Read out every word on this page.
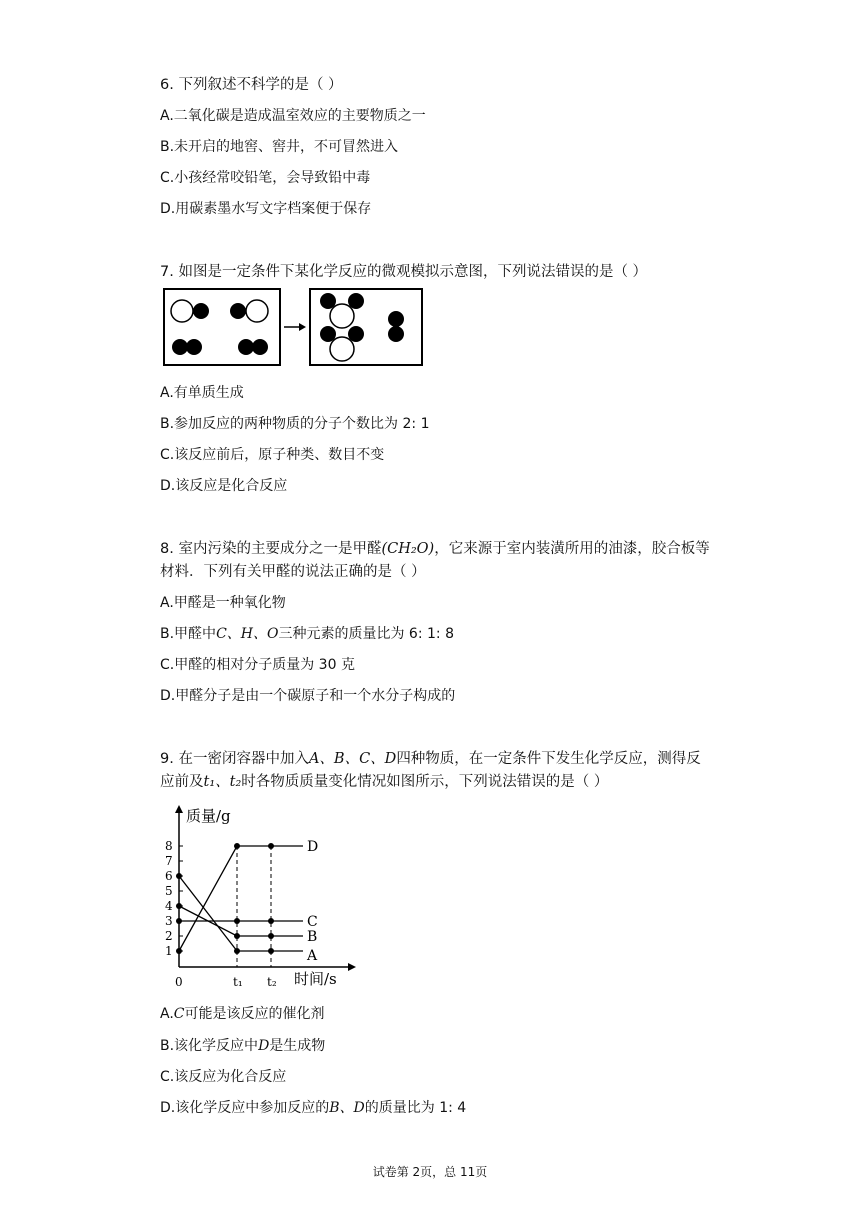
6. 下列叙述不科学的是（ ）
A.二氧化碳是造成温室效应的主要物质之一
B.未开启的地窖、窖井，不可冒然进入
C.小孩经常咬铅笔，会导致铅中毒
D.用碳素墨水写文字档案便于保存
7. 如图是一定条件下某化学反应的微观模拟示意图，下列说法错误的是（ ）
A.有单质生成
B.参加反应的两种物质的分子个数比为 2: 1
C.该反应前后，原子种类、数目不变
D.该反应是化合反应
8. 室内污染的主要成分之一是甲醛(CH₂O)，它来源于室内装潢所用的油漆，胶合板等
材料．下列有关甲醛的说法正确的是（ ）
A.甲醛是一种氧化物
B.甲醛中C、H、O三种元素的质量比为 6: 1: 8
C.甲醛的相对分子质量为 30 克
D.甲醛分子是由一个碳原子和一个水分子构成的
9. 在一密闭容器中加入A、B、C、D四种物质，在一定条件下发生化学反应，测得反
应前及t₁、t₂时各物质质量变化情况如图所示，下列说法错误的是（ ）
质量/g
时间/s
1
2
3
4
5
6
7
8
0	t₁ t₂
D
C
B
A
A.C可能是该反应的催化剂
B.该化学反应中D是生成物
C.该反应为化合反应
D.该化学反应中参加反应的B、D的质量比为 1: 4
试卷第 2页，总 11页
